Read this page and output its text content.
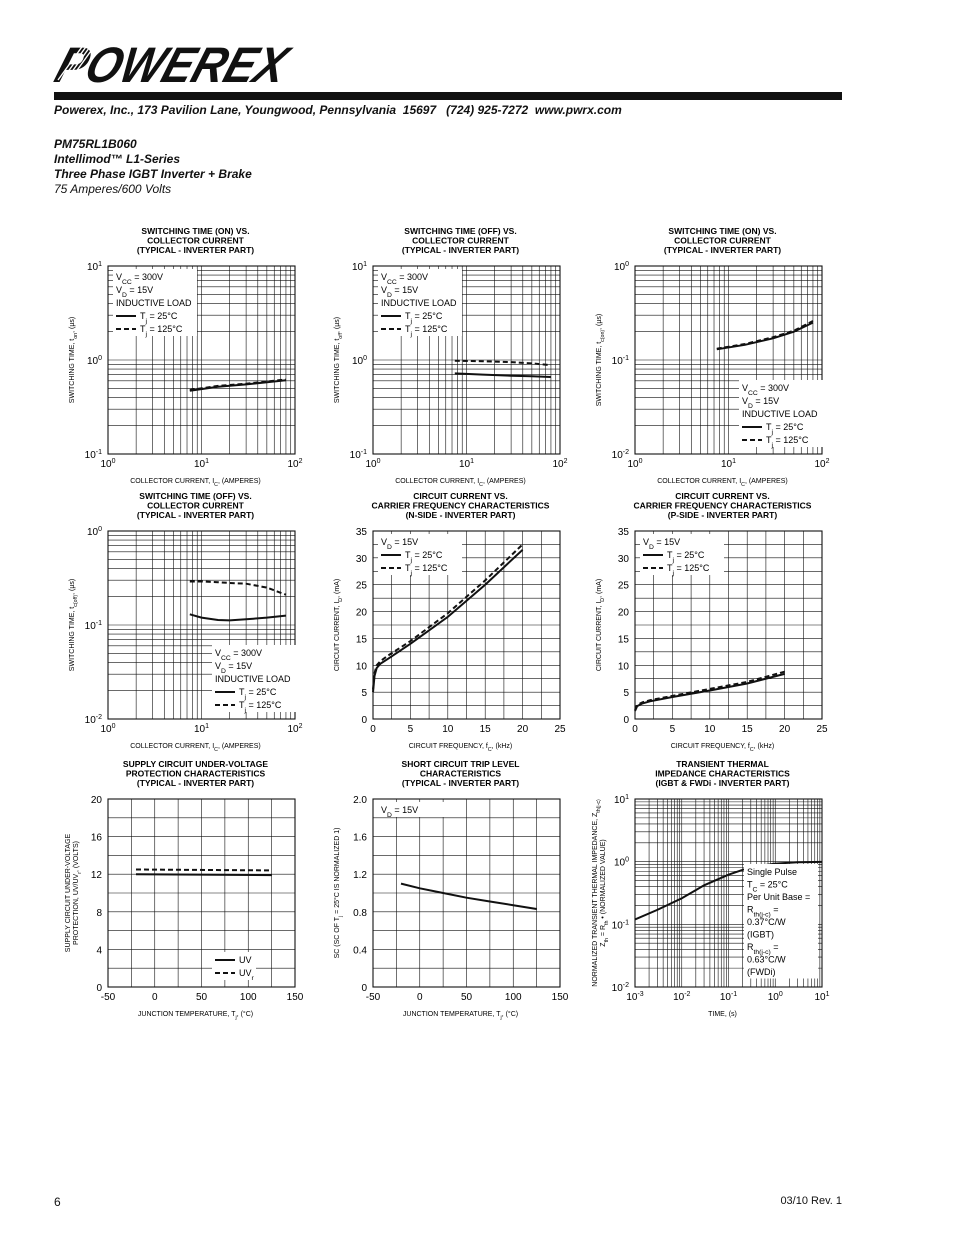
POWEREX
Powerex, Inc., 173 Pavilion Lane, Youngwood, Pennsylvania  15697   (724) 925-7272  www.pwrx.com
PM75RL1B060
Intellimod™ L1-Series
Three Phase IGBT Inverter + Brake
75 Amperes/600 Volts
SWITCHING TIME (ON) VS.
COLLECTOR CURRENT
(TYPICAL - INVERTER PART)
$10^0$	$10^1$	$10^2$
$10^{-1}$
$10^0$
$10^1$
COLLECTOR CURRENT, $I_C$, (AMPERES)
SWITCHING TIME, $t_{on}$, (µs)
$V_{CC} = 300V$
$V_D = 15V$
INDUCTIVE LOAD
$T_j = 25^\circ C$
$T_j = 125^\circ C$
SWITCHING TIME (OFF) VS.
COLLECTOR CURRENT
(TYPICAL - INVERTER PART)
$10^0$	$10^1$	$10^2$
$10^{-1}$
$10^0$
$10^1$
COLLECTOR CURRENT, $I_C$, (AMPERES)
SWITCHING TIME, $t_{off}$, (µs)
$V_{CC} = 300V$
$V_D = 15V$
INDUCTIVE LOAD
$T_j = 25^\circ C$
$T_j = 125^\circ C$
SWITCHING TIME (ON) VS.
COLLECTOR CURRENT
(TYPICAL - INVERTER PART)
$10^0$	$10^1$	$10^2$
$10^{-2}$
$10^{-1}$
$10^0$
COLLECTOR CURRENT, $I_C$, (AMPERES)
SWITCHING TIME, $t_{c(on)}$, (µs)
$V_{CC} = 300V$
$V_D = 15V$
INDUCTIVE LOAD
$T_j = 25^\circ C$
$T_j = 125^\circ C$
SWITCHING TIME (OFF) VS.
COLLECTOR CURRENT
(TYPICAL - INVERTER PART)
$10^0$	$10^1$	$10^2$
$10^{-2}$
$10^{-1}$
$10^0$
COLLECTOR CURRENT, $I_C$, (AMPERES)
SWITCHING TIME, $t_{c(off)}$, (µs)
$V_{CC} = 300V$
$V_D = 15V$
INDUCTIVE LOAD
$T_j = 25^\circ C$
$T_j = 125^\circ C$
CIRCUIT CURRENT VS.
CARRIER FREQUENCY CHARACTERISTICS
(N-SIDE - INVERTER PART)
0	5	10	15	20	25
0
5
10
15
20
25
30
35
CIRCUIT FREQUENCY, $f_C$, (kHz)
CIRCUIT CURRENT, $I_D$, (mA)
$V_D = 15V$
$T_j = 25^\circ C$
$T_j = 125^\circ C$
CIRCUIT CURRENT VS.
CARRIER FREQUENCY CHARACTERISTICS
(P-SIDE - INVERTER PART)
0	5	10	15	20	25
0
5
10
15
20
25
30
35
CIRCUIT FREQUENCY, $f_C$, (kHz)
CIRCUIT CURRENT, $I_D$, (mA)
$V_D = 15V$
$T_j = 25^\circ C$
$T_j = 125^\circ C$
SUPPLY CIRCUIT UNDER-VOLTAGE
PROTECTION CHARACTERISTICS
(TYPICAL - INVERTER PART)
-50	0	50	100	150
0
4
8
12
16
20
JUNCTION TEMPERATURE, $T_j$, (°C)
SUPPLY CIRCUIT UNDER-VOLTAGE PROTECTION, $UV/UV_r$, (VOLTS)
UV
$UV_r$
SHORT CIRCUIT TRIP LEVEL
CHARACTERISTICS
(TYPICAL - INVERTER PART)
-50	0	50	100	150
0
0.4
0.8
1.2
1.6
2.0
JUNCTION TEMPERATURE, $T_j$, (°C)
SC (SC OF $T_j = 25^\circ C$ IS NORMALIZED 1)
$V_D = 15V$
TRANSIENT THERMAL
IMPEDANCE CHARACTERISTICS
(IGBT & FWDi - INVERTER PART)
$10^{-3}$	$10^{-2}$	$10^{-1}$	$10^0$	$10^1$
$10^{-2}$
$10^{-1}$
$10^0$
$10^1$
TIME, (s)
NORMALIZED TRANSIENT THERMAL IMPEDANCE, $Z_{th(j-c)}$
$Z_{th} = R_{th}$ • (NORMALIZED VALUE)	Single Pulse
$T_C = 25^\circ C$
Per Unit Base =
$R_{th(j-c)}$ =
0.37°C/W
(IGBT)
$R_{th(j-c)}$ =
0.63°C/W
(FWDi)
6	03/10 Rev. 1
